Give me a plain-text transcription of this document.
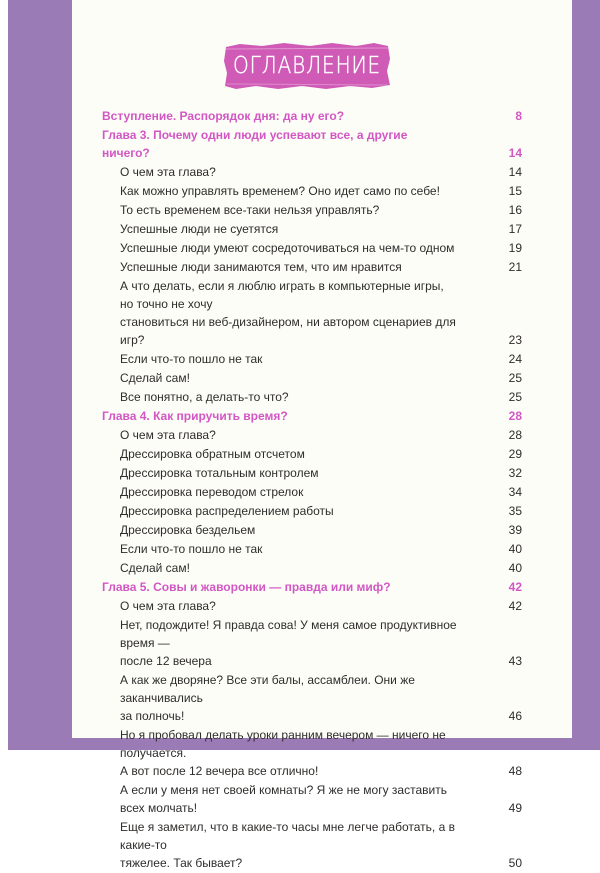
ОГЛАВЛЕНИЕ
Вступление. Распорядок дня: да ну его?	8
Глава 3. Почему одни люди успевают все, а другие ничего?	14
О чем эта глава?	14
Как можно управлять временем? Оно идет само по себе!	15
То есть временем все-таки нельзя управлять?	16
Успешные люди не суетятся	17
Успешные люди умеют сосредоточиваться на чем-то одном	19
Успешные люди занимаются тем, что им нравится	21
А что делать, если я люблю играть в компьютерные игры, но точно не хочу
становиться ни веб-дизайнером, ни автором сценариев для игр?	23
Если что-то пошло не так	24
Сделай сам!	25
Все понятно, а делать-то что?	25
Глава 4. Как приручить время?	28
О чем эта глава?	28
Дрессировка обратным отсчетом	29
Дрессировка тотальным контролем	32
Дрессировка переводом стрелок	34
Дрессировка распределением работы	35
Дрессировка бездельем	39
Если что-то пошло не так	40
Сделай сам!	40
Глава 5. Совы и жаворонки — правда или миф?	42
О чем эта глава?	42
Нет, подождите! Я правда сова! У меня самое продуктивное время —
после 12 вечера	43
А как же дворяне? Все эти балы, ассамблеи. Они же заканчивались
за полночь!	46
Но я пробовал делать уроки ранним вечером — ничего не получается.
А вот после 12 вечера все отлично!	48
А если у меня нет своей комнаты? Я же не могу заставить всех молчать!	49
Еще я заметил, что в какие-то часы мне легче работать, а в какие-то
тяжелее. Так бывает?	50
